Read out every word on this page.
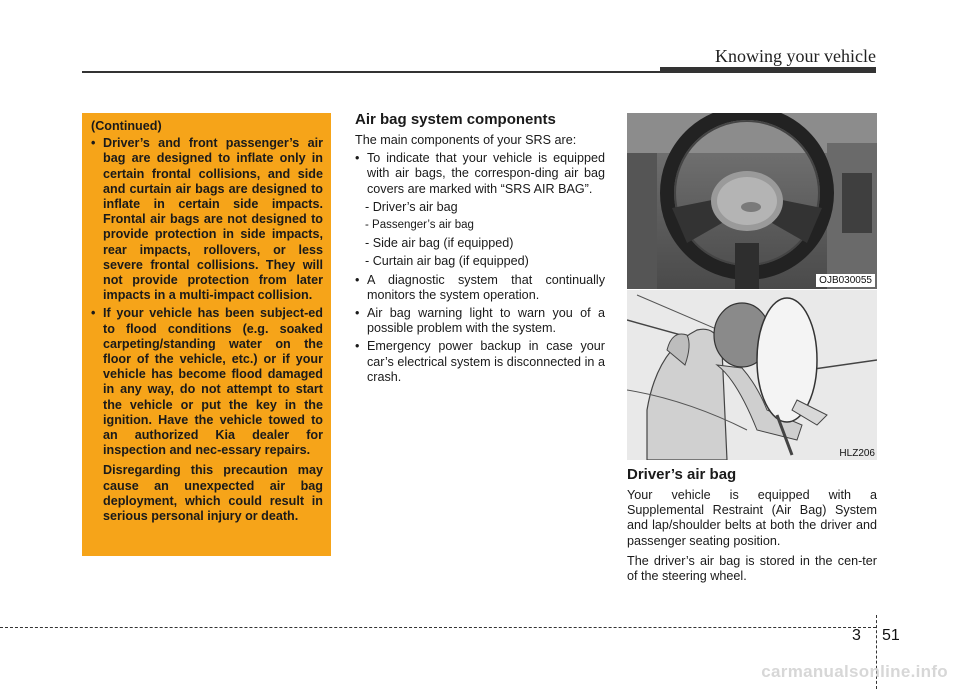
Knowing your vehicle
(Continued)
• Driver’s and front passenger’s air bag are designed to inflate only in certain frontal collisions, and side and curtain air bags are designed to inflate in certain side impacts. Frontal air bags are not designed to provide protection in side impacts, rear impacts, rollovers, or less severe frontal collisions. They will not provide protection from later impacts in a multi-impact collision.
• If your vehicle has been subject-ed to flood conditions (e.g. soaked carpeting/standing water on the floor of the vehicle, etc.) or if your vehicle has become flood damaged in any way, do not attempt to start the vehicle or put the key in the ignition. Have the vehicle towed to an authorized Kia dealer for inspection and nec-essary repairs.
Disregarding this precaution may cause an unexpected air bag deployment, which could result in serious personal injury or death.
Air bag system components
The main components of your SRS are:
• To indicate that your vehicle is equipped with air bags, the correspon-ding air bag covers are marked with “SRS AIR BAG”.
- Driver’s air bag
- Passenger’s air bag
- Side air bag (if equipped)
- Curtain air bag (if equipped)
• A diagnostic system that continually monitors the system operation.
• Air bag warning light to warn you of a possible problem with the system.
• Emergency power backup in case your car’s electrical system is disconnected in a crash.
OJB030055
HLZ206
Driver’s air bag

Your vehicle is equipped with a Supplemental Restraint (Air Bag) System and lap/shoulder belts at both the driver and passenger seating position.

The driver’s air bag is stored in the cen-ter of the steering wheel.

3 51
carmanualsonline.info
